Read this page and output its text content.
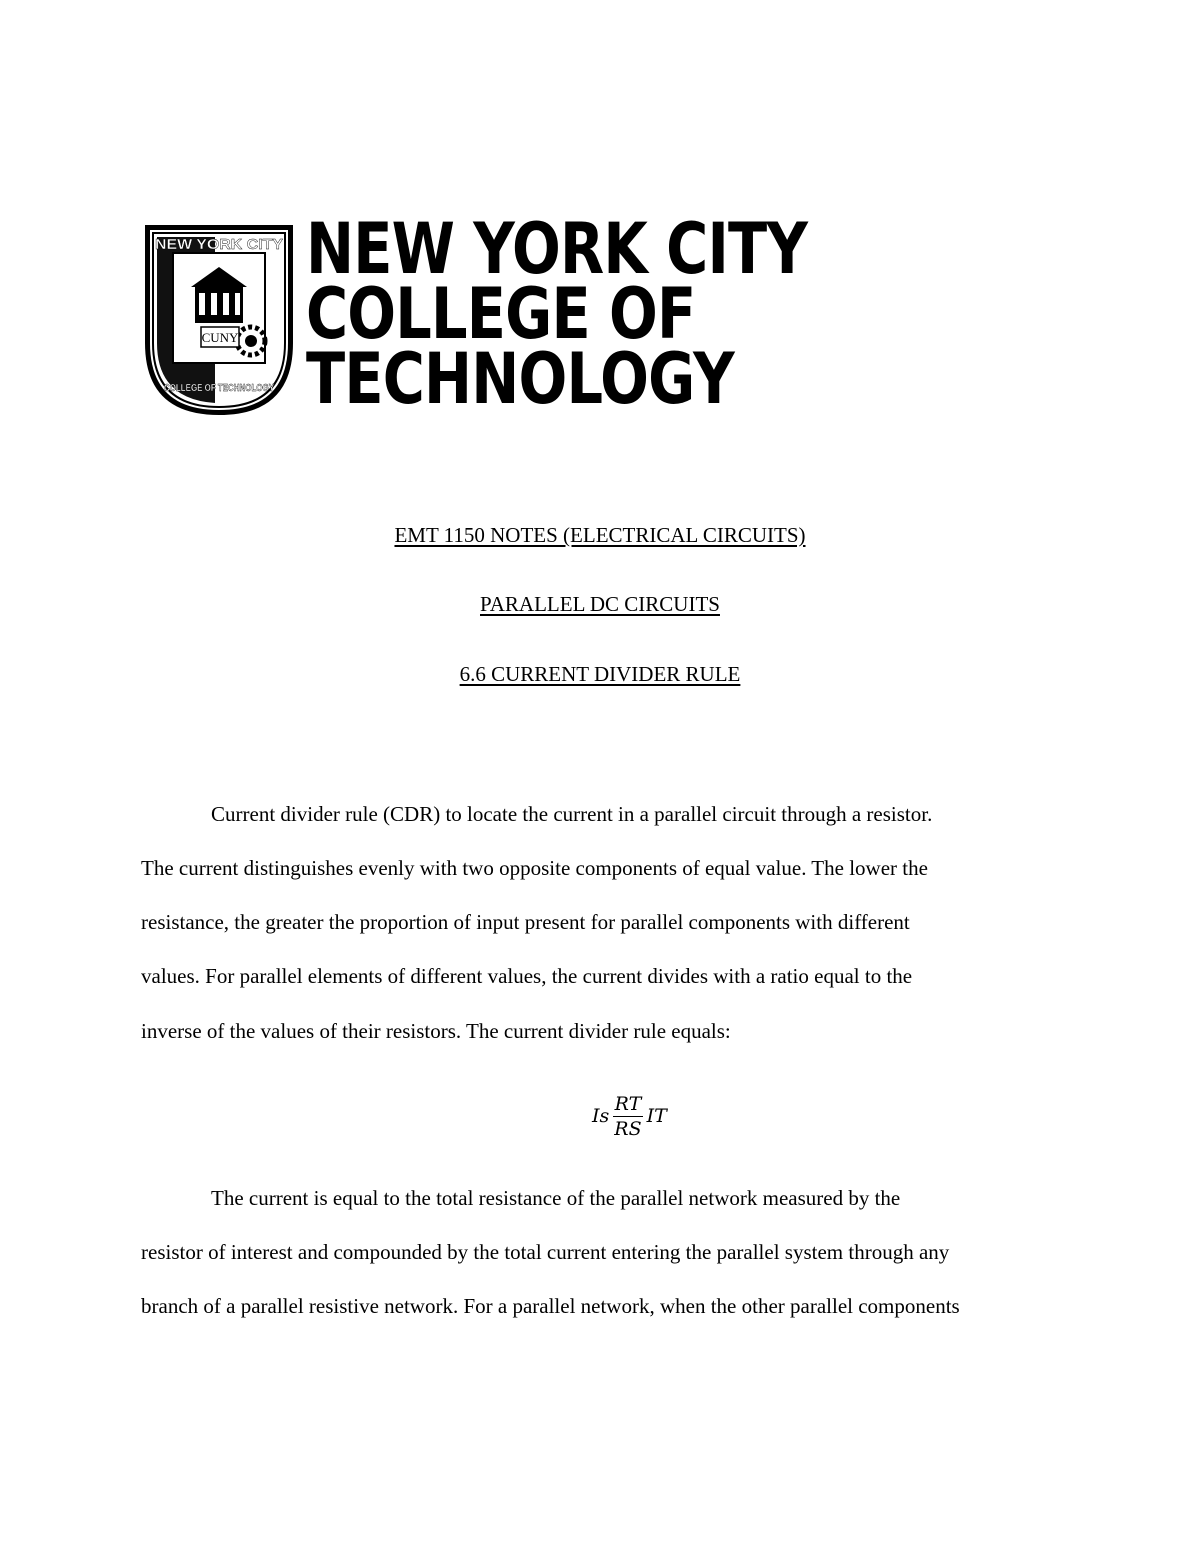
CUNY
NEW YORK CITY
COLLEGE OF TECHNOLOGY
NEW YORK CITY
COLLEGE OF
TECHNOLOGY
EMT 1150 NOTES (ELECTRICAL CIRCUITS)
PARALLEL DC CIRCUITS
6.6 CURRENT DIVIDER RULE
Current divider rule (CDR) to locate the current in a parallel circuit through a resistor.
The current distinguishes evenly with two opposite components of equal value. The lower the
resistance, the greater the proportion of input present for parallel components with different
values. For parallel elements of different values, the current divides with a ratio equal to the
inverse of the values of their resistors. The current divider rule equals:
Is $\frac{RT}{RS}$ IT
The current is equal to the total resistance of the parallel network measured by the
resistor of interest and compounded by the total current entering the parallel system through any
branch of a parallel resistive network. For a parallel network, when the other parallel components
